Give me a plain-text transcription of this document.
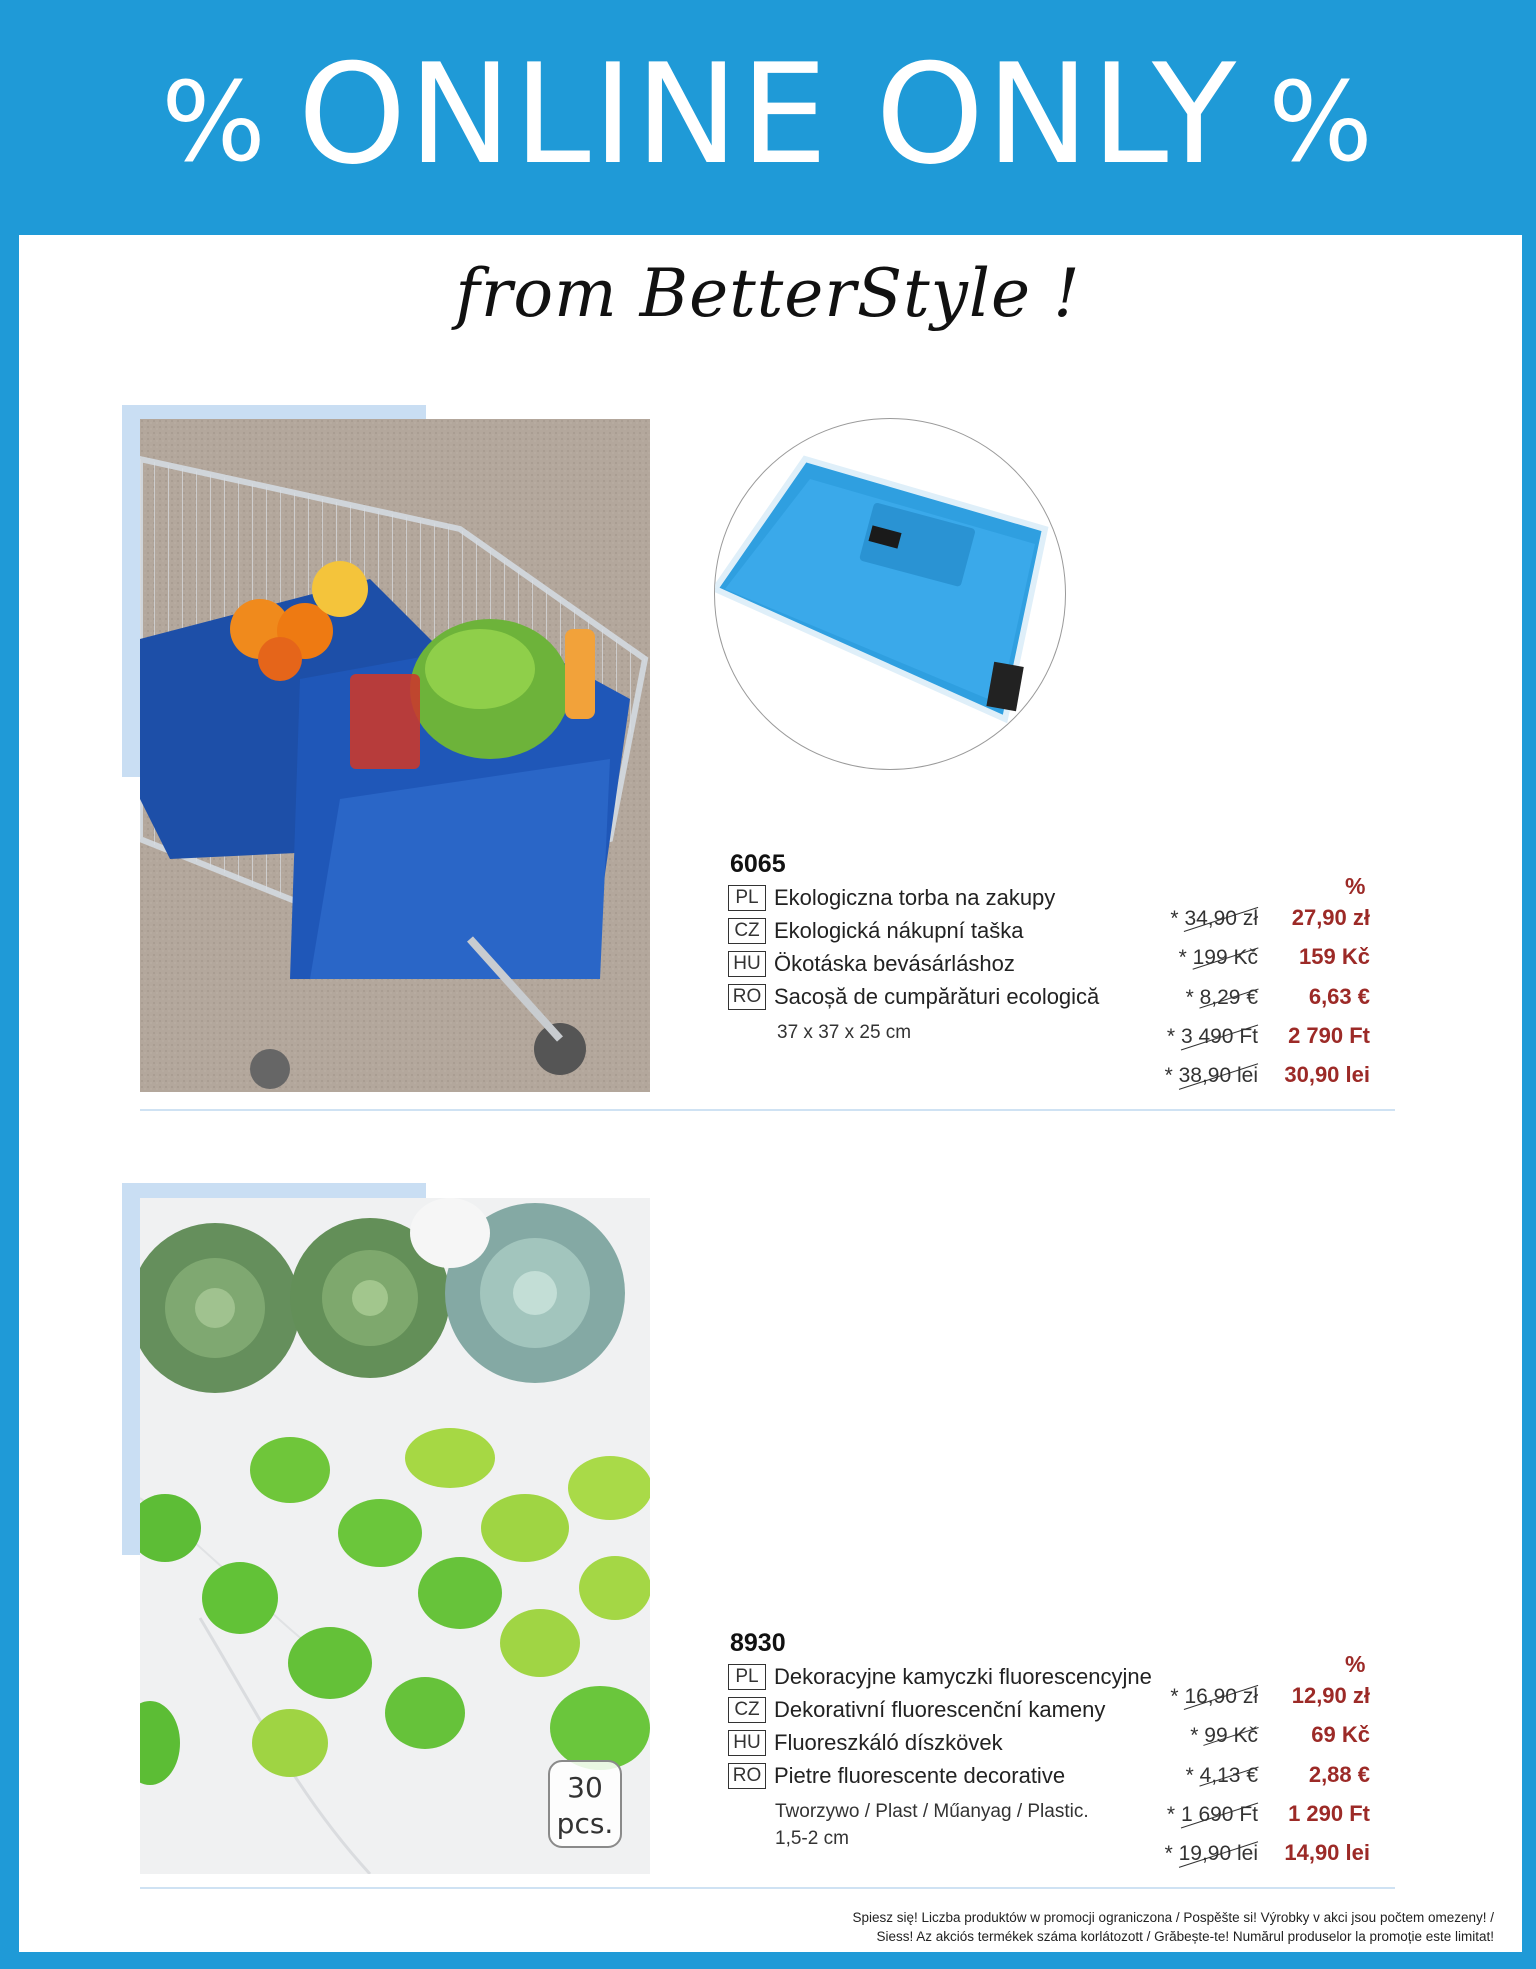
% ONLINE ONLY %
from BetterStyle !
6065
PL Ekologiczna torba na zakupy
CZ Ekologická nákupní taška
HU Ökotáska bevásárláshoz
RO Sacoșă de cumpărături ecologică
37 x 37 x 25 cm
%
* 34,90 zł 27,90 zł
* 199 Kč 159 Kč
* 8,29 € 6,63 €
* 3 490 Ft 2 790 Ft
* 38,90 lei 30,90 lei
30
pcs.
8930
PL Dekoracyjne kamyczki fluorescencyjne
CZ Dekorativní fluorescenční kameny
HU Fluoreszkáló díszkövek
RO Pietre fluorescente decorative
Tworzywo / Plast / Műanyag / Plastic.
1,5-2 cm
%
* 16,90 zł 12,90 zł
* 99 Kč 69 Kč
* 4,13 € 2,88 €
* 1 690 Ft 1 290 Ft
* 19,90 lei 14,90 lei
Spiesz się! Liczba produktów w promocji ograniczona / Pospěšte si! Výrobky v akci jsou počtem omezeny! /
Siess! Az akciós termékek száma korlátozott / Grăbește-te! Numărul produselor la promoție este limitat!
